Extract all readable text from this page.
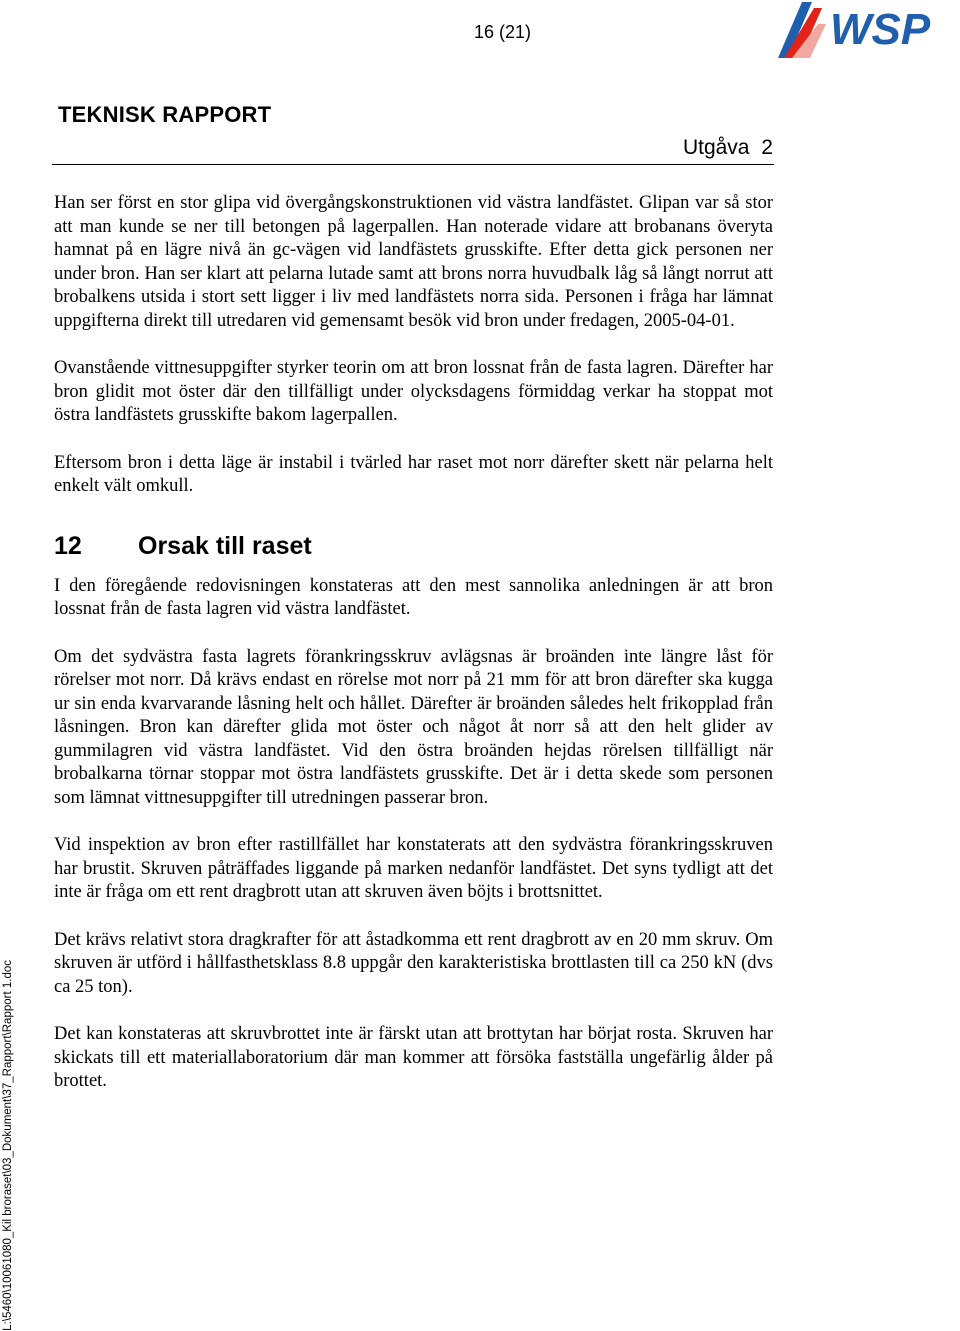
16 (21)	WSP
TEKNISK RAPPORT
Utgåva 2

Han ser först en stor glipa vid övergångskonstruktionen vid västra landfästet. Glipan var så stor att man kunde se ner till betongen på lagerpallen. Han noterade vidare att brobanans överyta hamnat på en lägre nivå än gc-vägen vid landfästets grusskifte. Efter detta gick personen ner under bron. Han ser klart att pelarna lutade samt att brons norra huvudbalk låg så långt norrut att brobalkens utsida i stort sett ligger i liv med landfästets norra sida. Personen i fråga har lämnat uppgifterna direkt till utredaren vid gemensamt besök vid bron under fredagen, 2005-04-01.

Ovanstående vittnesuppgifter styrker teorin om att bron lossnat från de fasta lagren. Därefter har bron glidit mot öster där den tillfälligt under olycksdagens förmiddag verkar ha stoppat mot östra landfästets grusskifte bakom lagerpallen.

Eftersom bron i detta läge är instabil i tvärled har raset mot norr därefter skett när pelarna helt enkelt vält omkull.

12 Orsak till raset

I den föregående redovisningen konstateras att den mest sannolika anledningen är att bron lossnat från de fasta lagren vid västra landfästet.

Om det sydvästra fasta lagrets förankringsskruv avlägsnas är broänden inte längre låst för rörelser mot norr. Då krävs endast en rörelse mot norr på 21 mm för att bron därefter ska kugga ur sin enda kvarvarande låsning helt och hållet. Därefter är broänden således helt frikopplad från låsningen. Bron kan därefter glida mot öster och något åt norr så att den helt glider av gummilagren vid västra landfästet. Vid den östra broänden hejdas rörelsen tillfälligt när brobalkarna törnar stoppar mot östra landfästets grusskifte. Det är i detta skede som personen som lämnat vittnesuppgifter till utredningen passerar bron.

Vid inspektion av bron efter rastillfället har konstaterats att den sydvästra förankringsskruven har brustit. Skruven påträffades liggande på marken nedanför landfästet. Det syns tydligt att det inte är fråga om ett rent dragbrott utan att skruven även böjts i brottsnittet.

Det krävs relativt stora dragkrafter för att åstadkomma ett rent dragbrott av en 20 mm skruv. Om skruven är utförd i hållfasthetsklass 8.8 uppgår den karakteristiska brottlasten till ca 250 kN (dvs ca 25 ton).

Det kan konstateras att skruvbrottet inte är färskt utan att brottytan har börjat rosta. Skruven har skickats till ett materiallaboratorium där man kommer att försöka fastställa ungefärlig ålder på brottet.

L:\5460\10061080_Kil broraset\03_Dokument\37_Rapport\Rapport 1.doc
